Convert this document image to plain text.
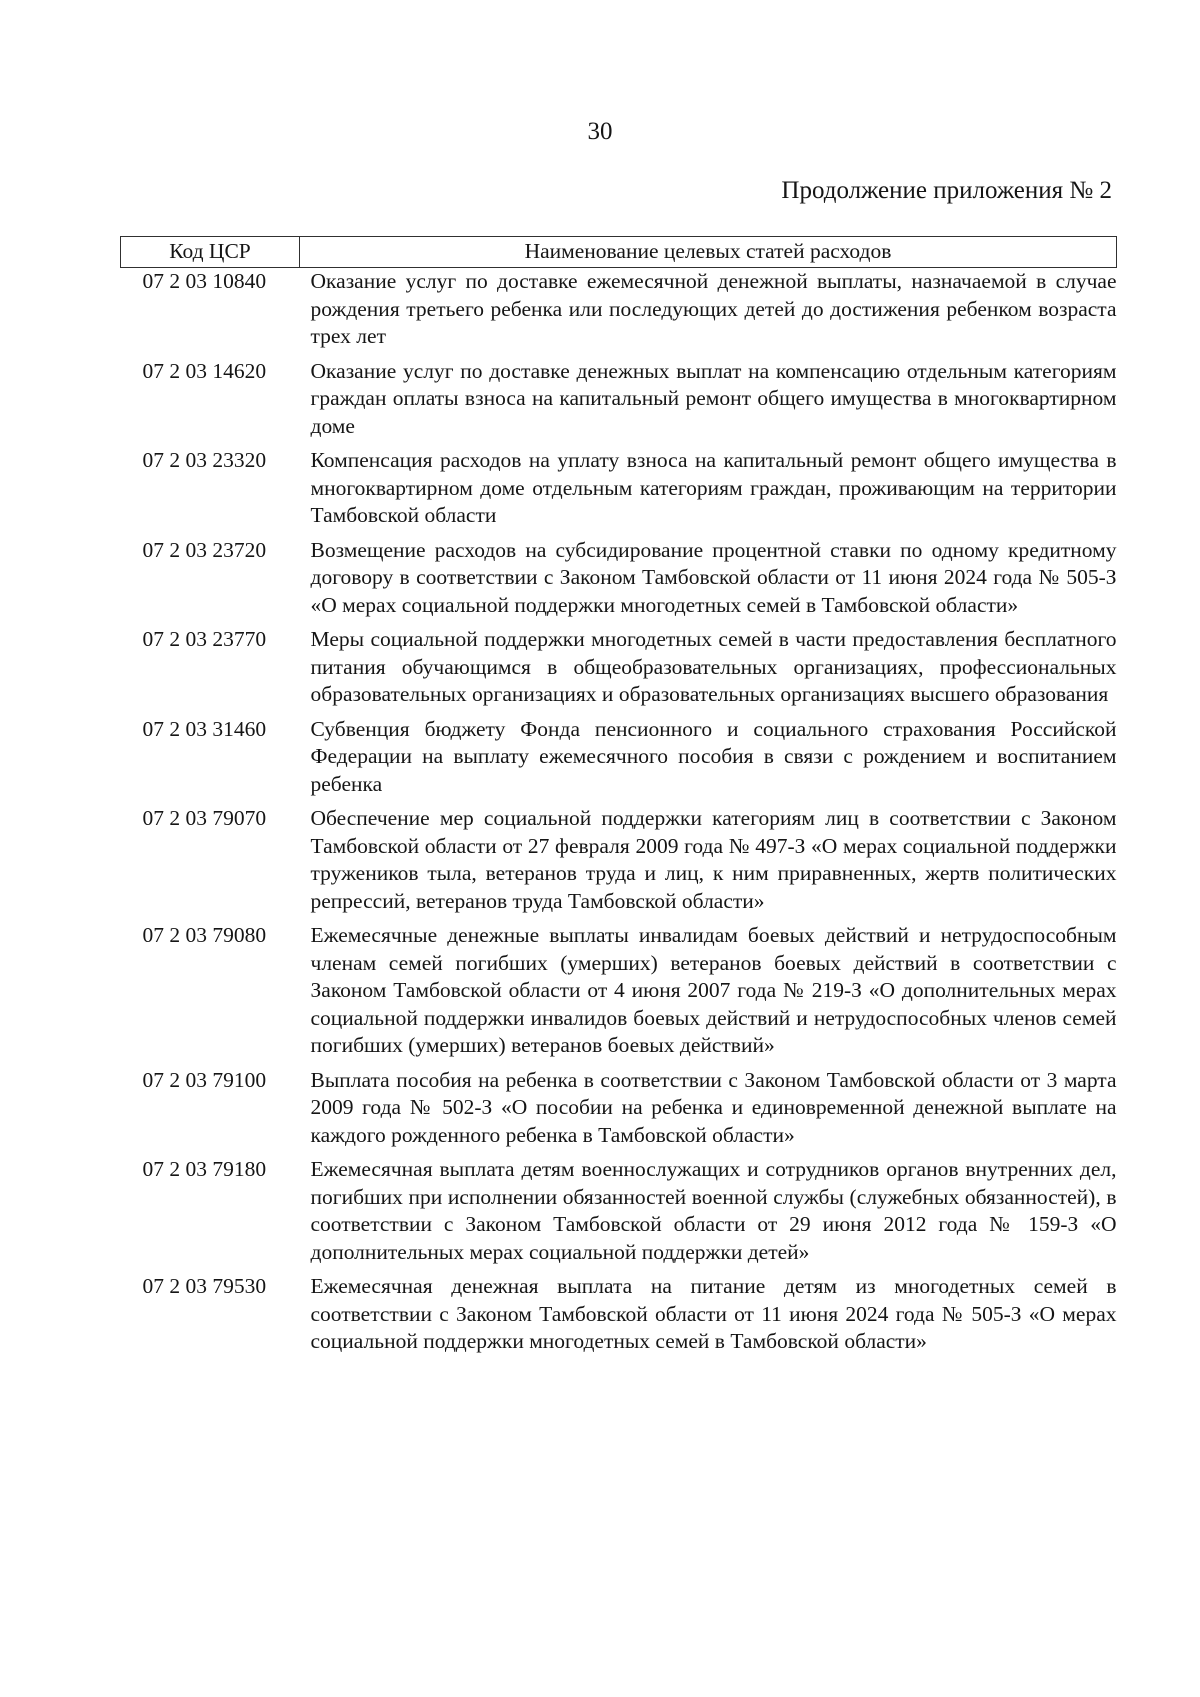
30
Продолжение приложения № 2
Код ЦСР	Наименование целевых статей расходов
07 2 03 10840	Оказание услуг по доставке ежемесячной денежной выплаты, назначаемой в случае рождения третьего ребенка или последующих детей до достижения ребенком возраста трех лет
07 2 03 14620	Оказание услуг по доставке денежных выплат на компенсацию отдельным категориям граждан оплаты взноса на капитальный ремонт общего имущества в многоквартирном доме
07 2 03 23320	Компенсация расходов на уплату взноса на капитальный ремонт общего имущества в многоквартирном доме отдельным категориям граждан, проживающим на территории Тамбовской области
07 2 03 23720	Возмещение расходов на субсидирование процентной ставки по одному кредитному договору в соответствии с Законом Тамбовской области от 11 июня 2024 года № 505-З «О мерах социальной поддержки многодетных семей в Тамбовской области»
07 2 03 23770	Меры социальной поддержки многодетных семей в части предоставления бесплатного питания обучающимся в общеобразовательных организациях, профессиональных образовательных организациях и образовательных организациях высшего образования
07 2 03 31460	Субвенция бюджету Фонда пенсионного и социального страхования Российской Федерации на выплату ежемесячного пособия в связи с рождением и воспитанием ребенка
07 2 03 79070	Обеспечение мер социальной поддержки категориям лиц в соответствии с Законом Тамбовской области от 27 февраля 2009 года № 497-З «О мерах социальной поддержки тружеников тыла, ветеранов труда и лиц, к ним приравненных, жертв политических репрессий, ветеранов труда Тамбовской области»
07 2 03 79080	Ежемесячные денежные выплаты инвалидам боевых действий и нетрудоспособным членам семей погибших (умерших) ветеранов боевых действий в соответствии с Законом Тамбовской области от 4 июня 2007 года № 219-З «О дополнительных мерах социальной поддержки инвалидов боевых действий и нетрудоспособных членов семей погибших (умерших) ветеранов боевых действий»
07 2 03 79100	Выплата пособия на ребенка в соответствии с Законом Тамбовской области от 3 марта 2009 года № 502-З «О пособии на ребенка и единовременной денежной выплате на каждого рожденного ребенка в Тамбовской области»
07 2 03 79180	Ежемесячная выплата детям военнослужащих и сотрудников органов внутренних дел, погибших при исполнении обязанностей военной службы (служебных обязанностей), в соответствии с Законом Тамбовской области от 29 июня 2012 года № 159-З «О дополнительных мерах социальной поддержки детей»
07 2 03 79530	Ежемесячная денежная выплата на питание детям из многодетных семей в соответствии с Законом Тамбовской области от 11 июня 2024 года № 505-З «О мерах социальной поддержки многодетных семей в Тамбовской области»
